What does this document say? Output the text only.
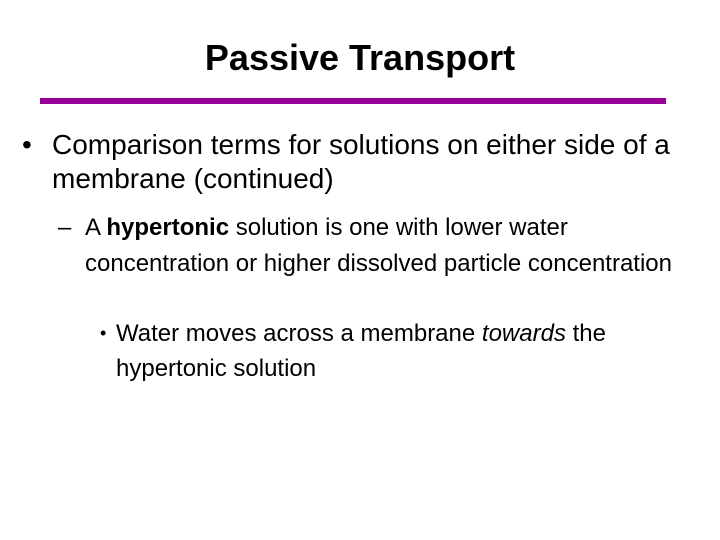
Passive Transport
• Comparison terms for solutions on either side of a membrane (continued)
– A hypertonic solution is one with lower water concentration or higher dissolved particle concentration
• Water moves across a membrane towards the hypertonic solution
